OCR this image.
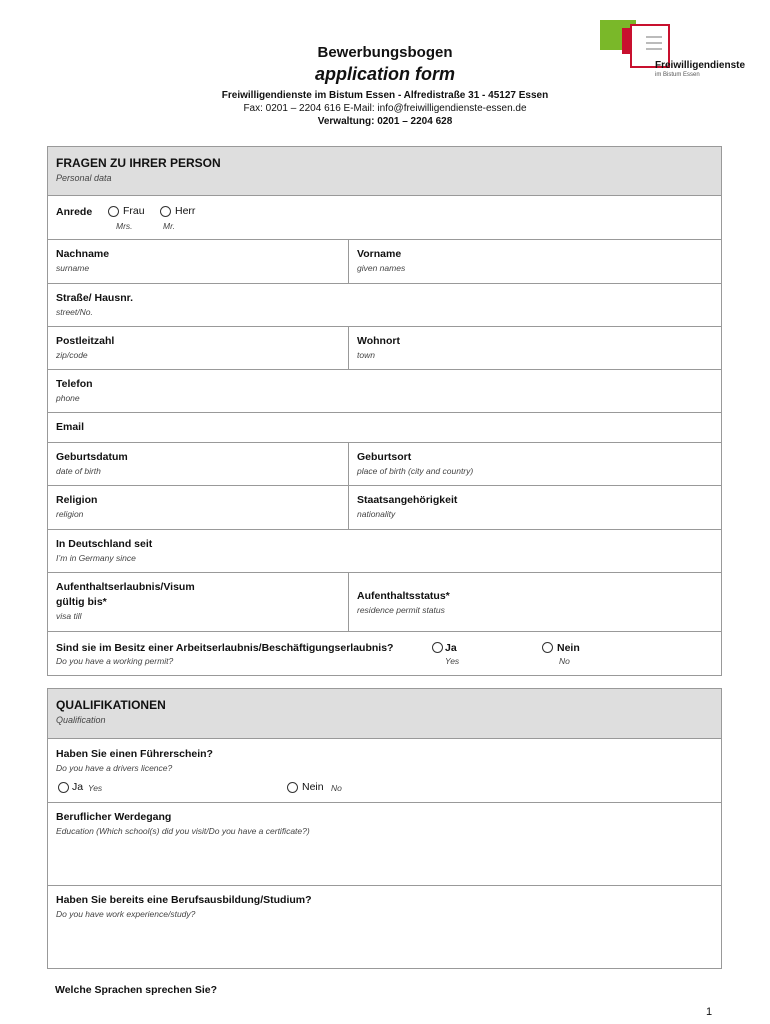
Freiwilligendienste
im Bistum Essen
Bewerbungsbogen
application form
Freiwilligendienste im Bistum Essen - Alfredistraße 31 - 45127 Essen
Fax: 0201 – 2204 616 E-Mail: info@freiwilligendienste-essen.de
Verwaltung: 0201 – 2204 628
FRAGEN ZU IHRER PERSON
Personal data
Anrede	Frau
Mrs.
Herr
Mr.
Nachname
surname
Vorname
given names
Straße/ Hausnr.
street/No.
Postleitzahl
zip/code
Wohnort
town
Telefon
phone
Email
Geburtsdatum
date of birth
Geburtsort
place of birth (city and country)
Religion
religion
Staatsangehörigkeit
nationality
In Deutschland seit
I’m in Germany since
Aufenthaltserlaubnis/Visum
gültig bis*
visa till
Aufenthaltsstatus*
residence permit status
Sind sie im Besitz einer Arbeitserlaubnis/Beschäftigungserlaubnis?
Do you have a working permit?
Ja
Yes
Nein
No
QUALIFIKATIONEN
Qualification
Haben Sie einen Führerschein?
Do you have a drivers licence?
Ja Yes	Nein No
Beruflicher Werdegang
Education (Which school(s) did you visit/Do you have a certificate?)
Haben Sie bereits eine Berufsausbildung/Studium?
Do you have work experience/study?
Welche Sprachen sprechen Sie?
1
